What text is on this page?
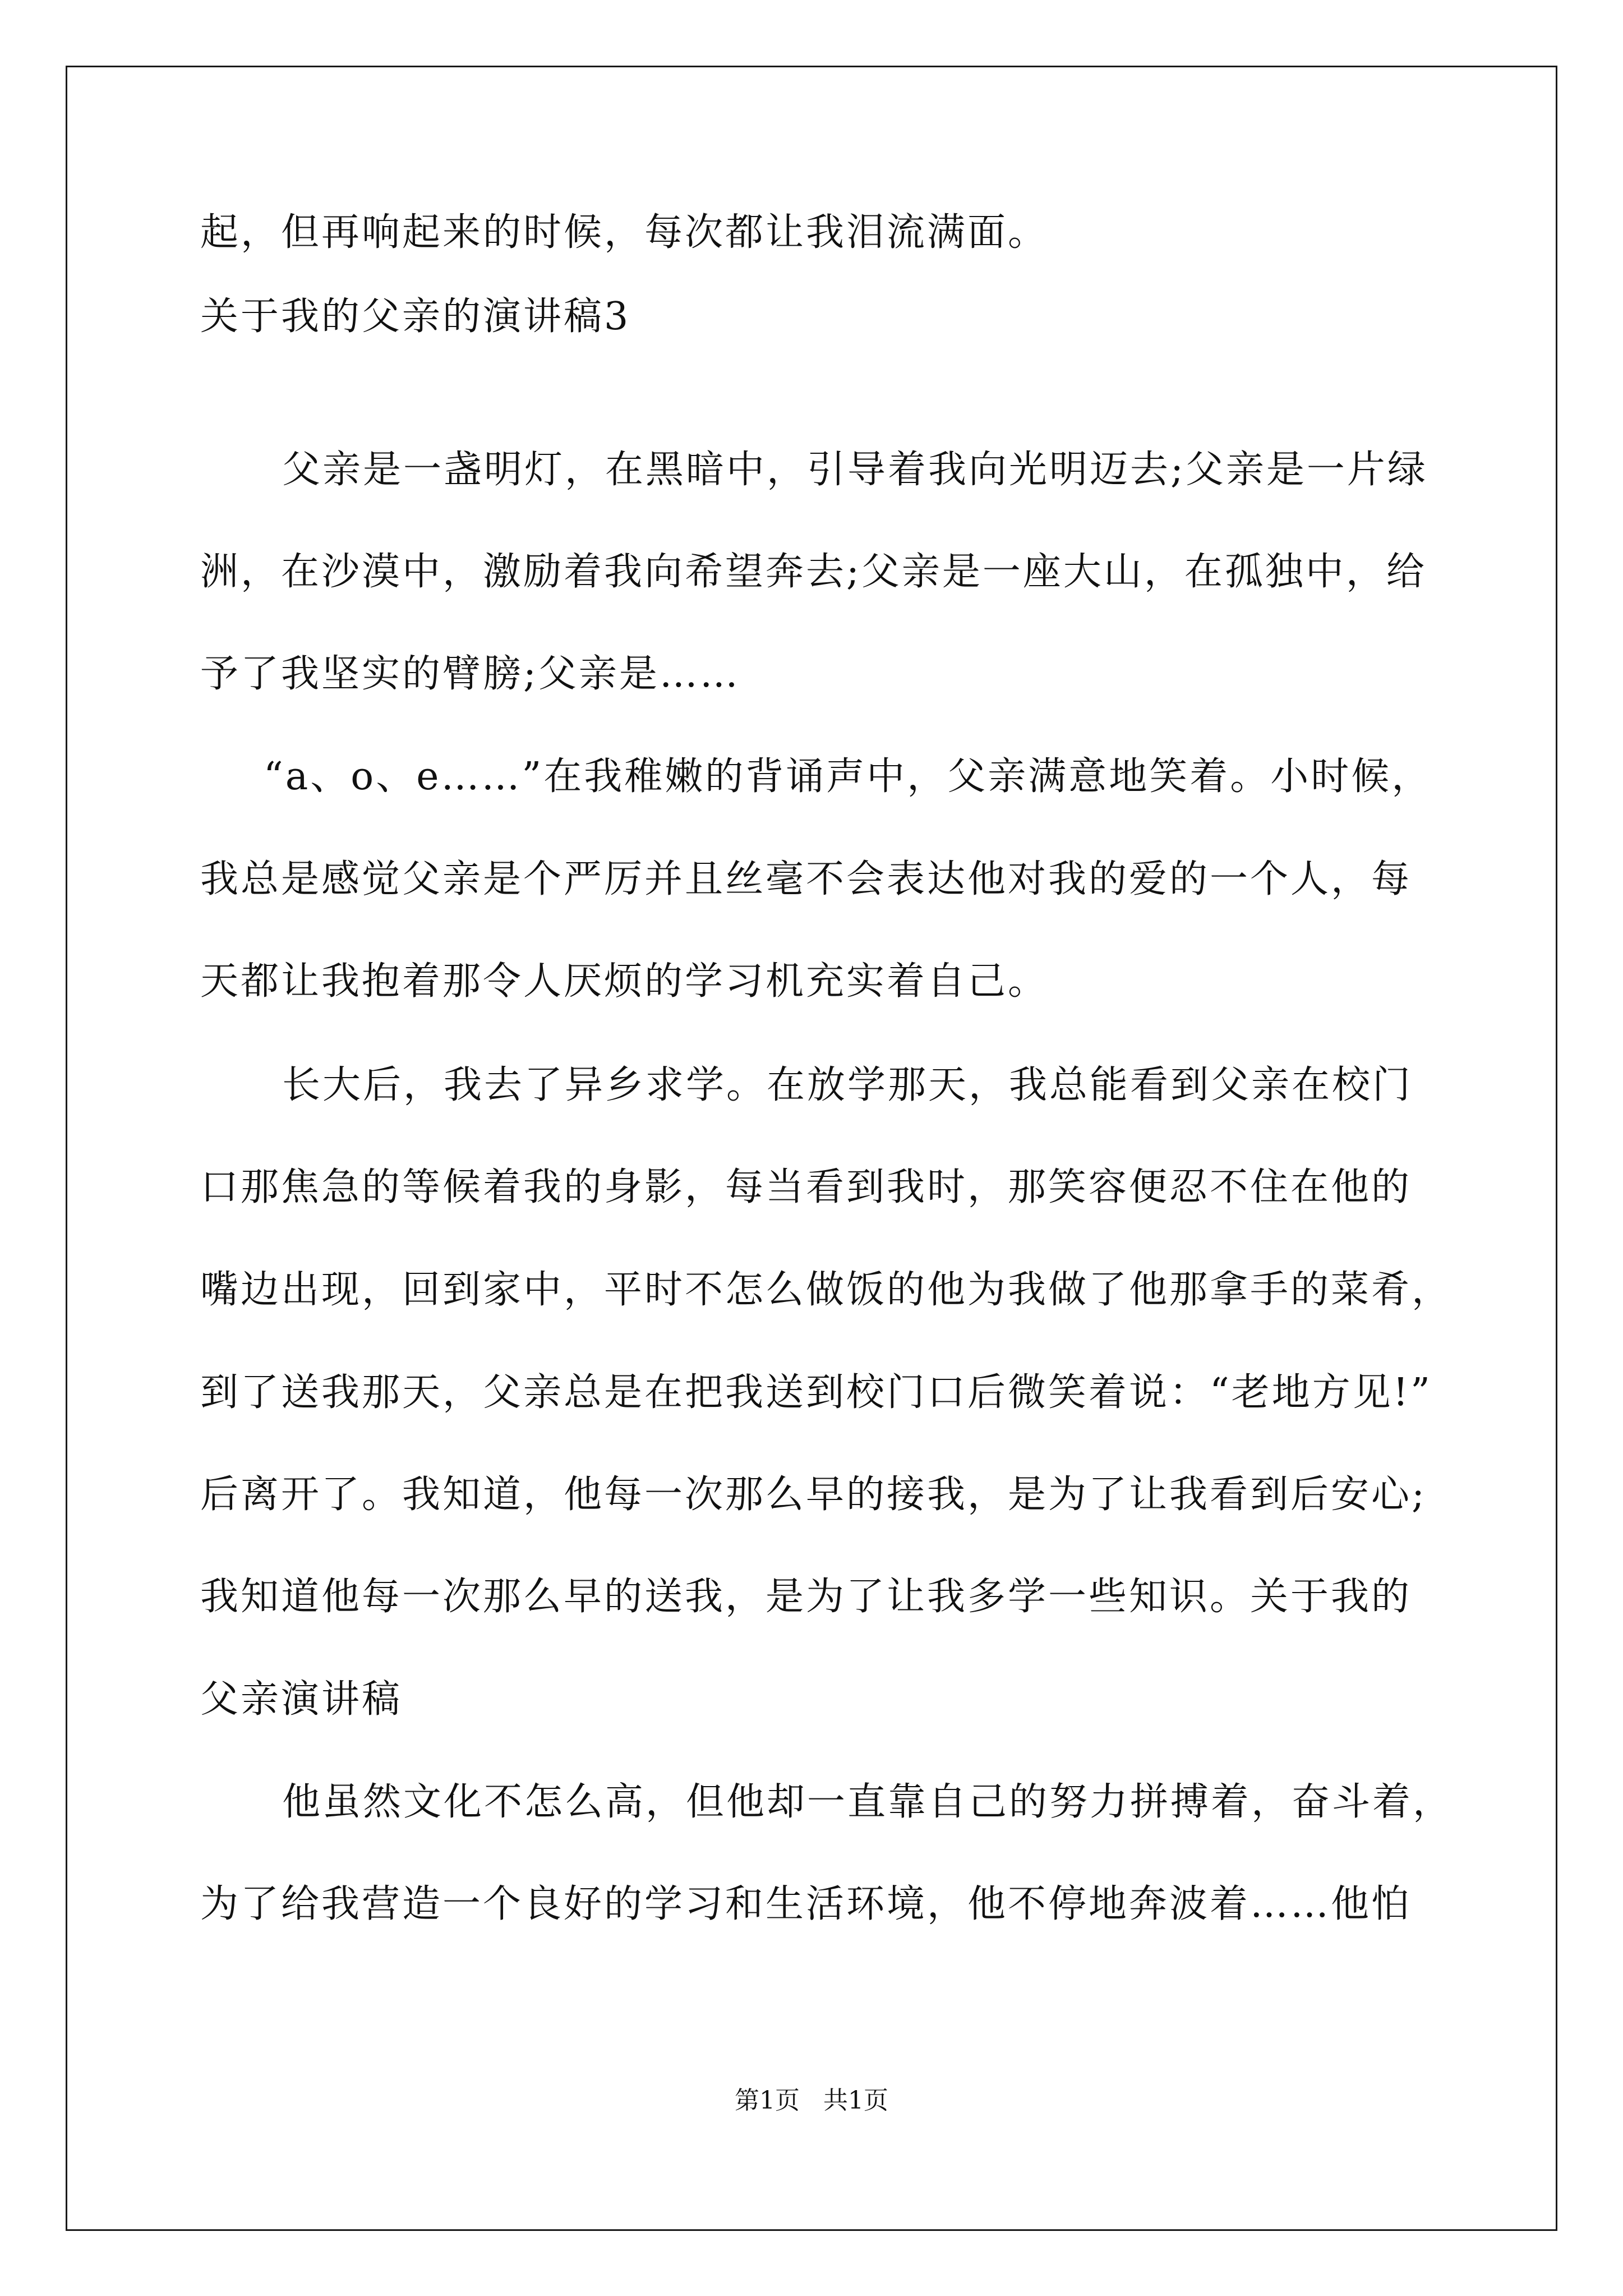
起，但再响起来的时候，每次都让我泪流满面。
关于我的父亲的演讲稿3
父亲是一盏明灯，在黑暗中，引导着我向光明迈去;父亲是一片绿
洲，在沙漠中，激励着我向希望奔去;父亲是一座大山，在孤独中，给
予了我坚实的臂膀;父亲是……
“a、o、e……”在我稚嫩的背诵声中，父亲满意地笑着。小时候，
我总是感觉父亲是个严厉并且丝毫不会表达他对我的爱的一个人，每
天都让我抱着那令人厌烦的学习机充实着自己。
长大后，我去了异乡求学。在放学那天，我总能看到父亲在校门
口那焦急的等候着我的身影，每当看到我时，那笑容便忍不住在他的
嘴边出现，回到家中，平时不怎么做饭的他为我做了他那拿手的菜肴，
到了送我那天，父亲总是在把我送到校门口后微笑着说：“老地方见!”
后离开了。我知道，他每一次那么早的接我，是为了让我看到后安心;
我知道他每一次那么早的送我，是为了让我多学一些知识。关于我的
父亲演讲稿
他虽然文化不怎么高，但他却一直靠自己的努力拼搏着，奋斗着，
为了给我营造一个良好的学习和生活环境，他不停地奔波着……他怕
第1页   共1页
